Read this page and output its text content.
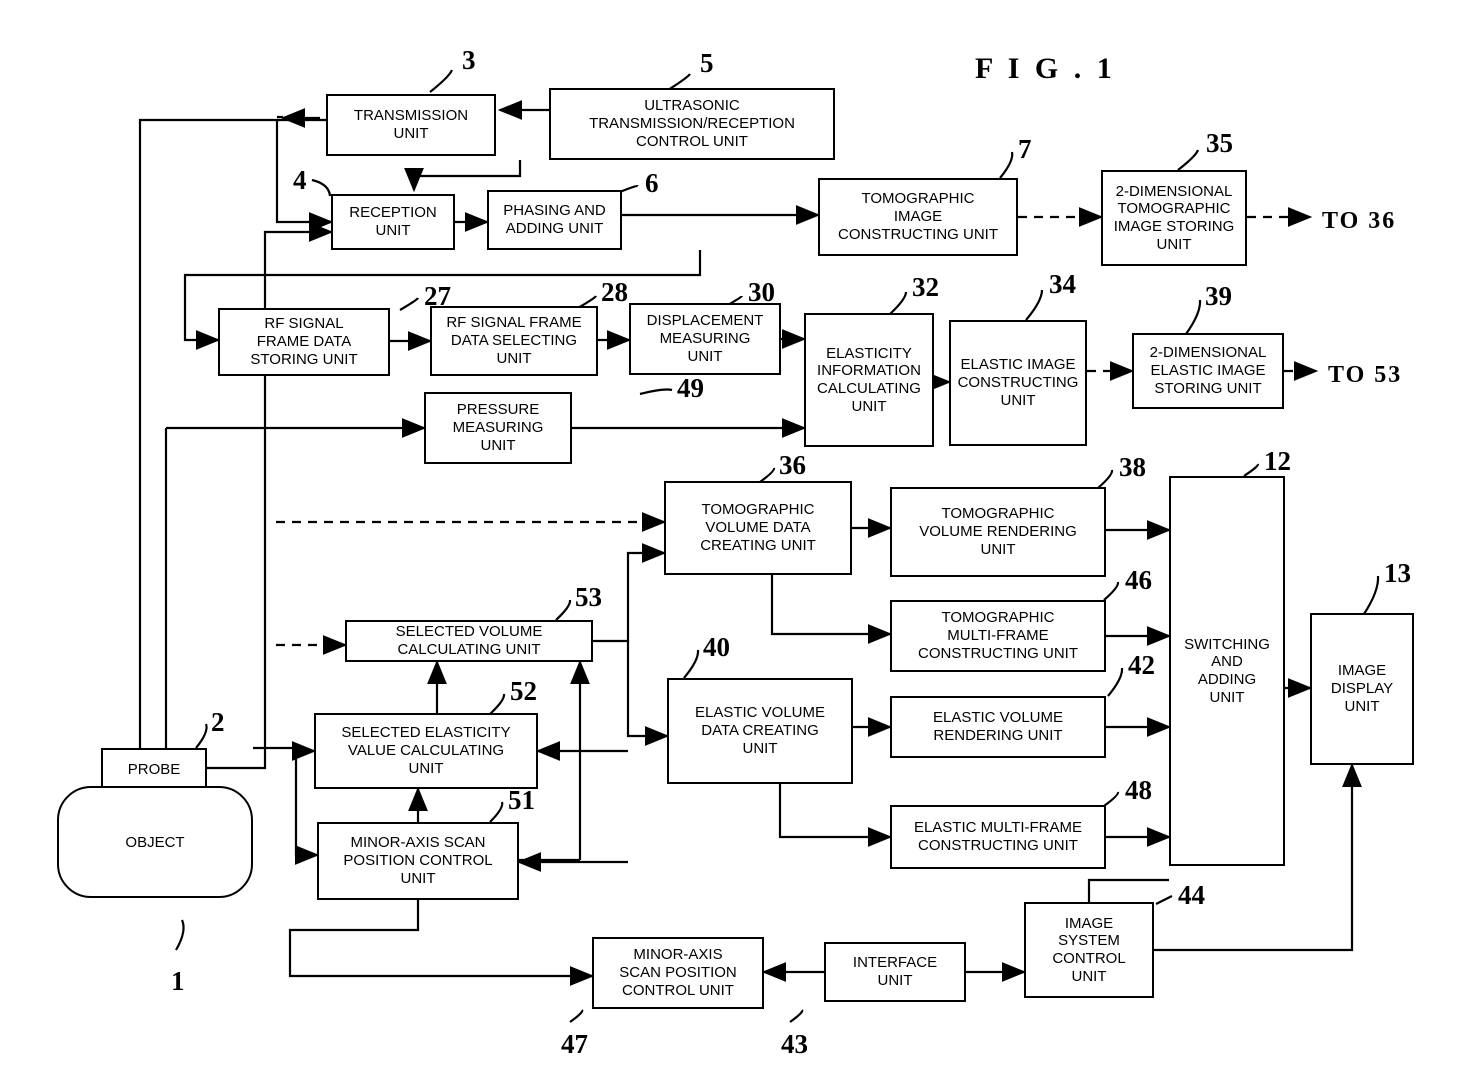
F I G . 1
TRANSMISSION
UNIT
ULTRASONIC
TRANSMISSION/RECEPTION
CONTROL UNIT
RECEPTION
UNIT
PHASING AND
ADDING UNIT
TOMOGRAPHIC
IMAGE
CONSTRUCTING UNIT
2-DIMENSIONAL
TOMOGRAPHIC
IMAGE STORING
UNIT
RF SIGNAL
FRAME DATA
STORING UNIT
RF SIGNAL FRAME
DATA SELECTING
UNIT
DISPLACEMENT
MEASURING
UNIT	ELASTICITY
INFORMATION
CALCULATING
UNIT
ELASTIC IMAGE
CONSTRUCTING
UNIT
2-DIMENSIONAL
ELASTIC IMAGE
STORING UNIT
PRESSURE
MEASURING
UNIT
TOMOGRAPHIC
VOLUME DATA
CREATING UNIT
TOMOGRAPHIC
VOLUME RENDERING
UNIT
TOMOGRAPHIC
MULTI-FRAME
CONSTRUCTING UNIT
SWITCHING
AND
ADDING
UNIT
IMAGE
DISPLAY
UNIT
SELECTED VOLUME
CALCULATING UNIT
ELASTIC VOLUME
DATA CREATING
UNIT
ELASTIC VOLUME
RENDERING UNIT
ELASTIC MULTI-FRAME
CONSTRUCTING UNIT
SELECTED ELASTICITY
VALUE CALCULATING
UNIT
MINOR-AXIS SCAN
POSITION CONTROL
UNIT
IMAGE
SYSTEM
CONTROL
UNIT
MINOR-AXIS
SCAN POSITION
CONTROL UNIT
INTERFACE
UNIT
PROBE
OBJECT
3	5
4	6
7	35
27	28	30	32	34	39
49
36	38	12
46	13
53
40
42
52
48
2
51
44
1
47	43
TO 36
TO 53
